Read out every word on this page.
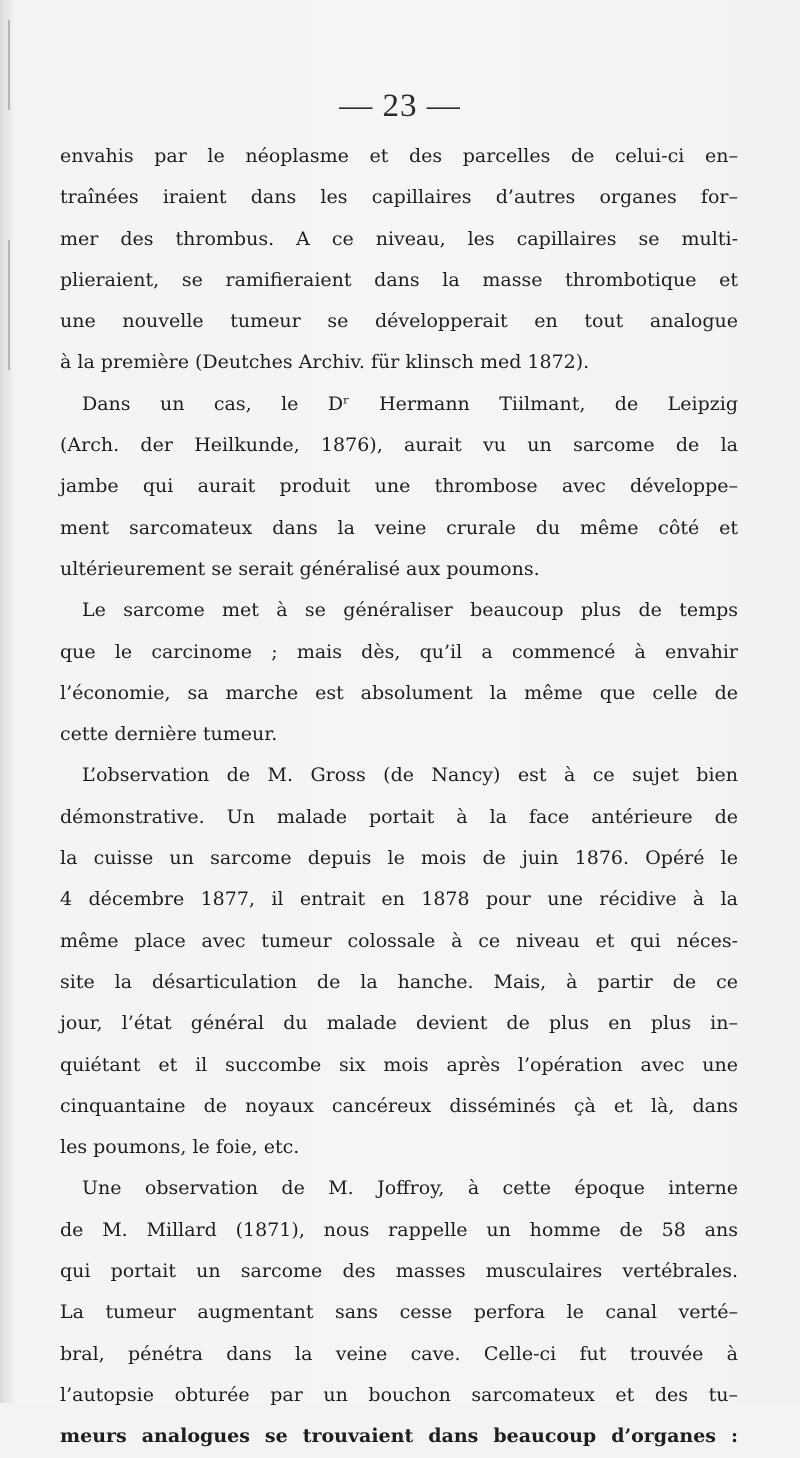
— 23 —
envahis par le néoplasme et des parcelles de celui-ci en–
traînées iraient dans les capillaires d’autres organes for–
mer des thrombus. A ce niveau, les capillaires se multi-
plieraient, se ramifieraient dans la masse thrombotique et
une nouvelle tumeur se développerait en tout analogue
à la première (Deutches Archiv. für klinsch med 1872).
Dans un cas, le Dʳ Hermann Tiilmant, de Leipzig
(Arch. der Heilkunde, 1876), aurait vu un sarcome de la
jambe qui aurait produit une thrombose avec développe–
ment sarcomateux dans la veine crurale du même côté et
ultérieurement se serait généralisé aux poumons.
Le sarcome met à se généraliser beaucoup plus de temps
que le carcinome ; mais dès, qu’il a commencé à envahir
l’économie, sa marche est absolument la même que celle de
cette dernière tumeur.
L’observation de M. Gross (de Nancy) est à ce sujet bien
démonstrative. Un malade portait à la face antérieure de
la cuisse un sarcome depuis le mois de juin 1876. Opéré le
4 décembre 1877, il entrait en 1878 pour une récidive à la
même place avec tumeur colossale à ce niveau et qui néces-
site la désarticulation de la hanche. Mais, à partir de ce
jour, l’état général du malade devient de plus en plus in–
quiétant et il succombe six mois après l’opération avec une
cinquantaine de noyaux cancéreux disséminés çà et là, dans
les poumons, le foie, etc.
Une observation de M. Joffroy, à cette époque interne
de M. Millard (1871), nous rappelle un homme de 58 ans
qui portait un sarcome des masses musculaires vertébrales.
La tumeur augmentant sans cesse perfora le canal verté–
bral, pénétra dans la veine cave. Celle-ci fut trouvée à
l’autopsie obturée par un bouchon sarcomateux et des tu–
meurs analogues se trouvaient dans beaucoup d’organes :
